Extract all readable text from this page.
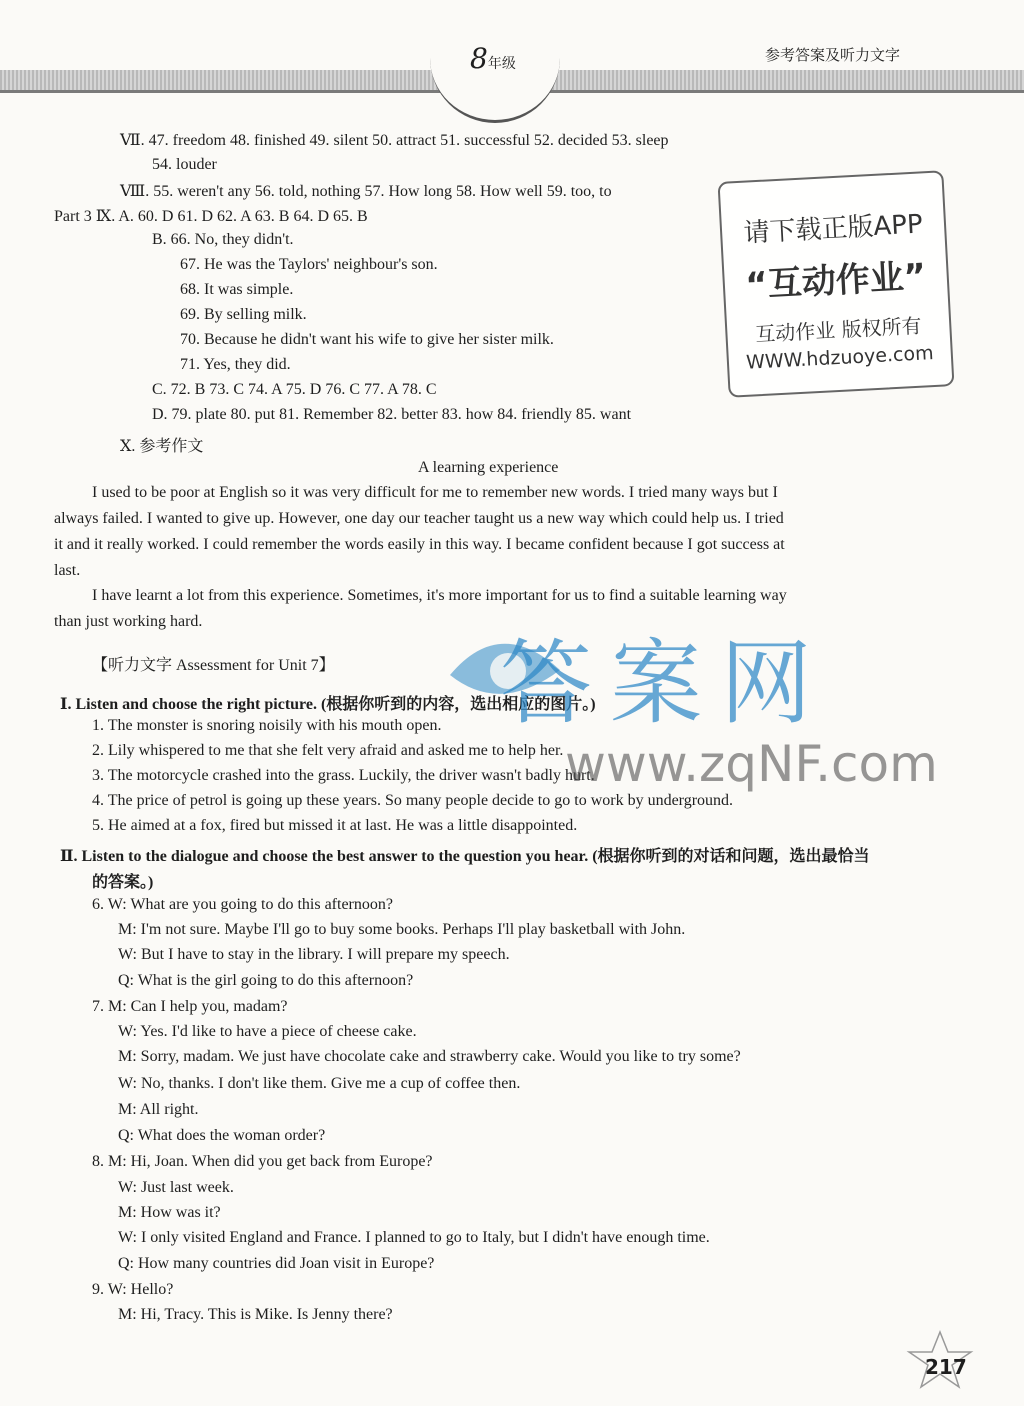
8年级	参考答案及听力文字
Ⅶ. 47. freedom 48. finished 49. silent 50. attract 51. successful 52. decided 53. sleep
54. louder
Ⅷ. 55. weren't any 56. told, nothing 57. How long 58. How well 59. too, to
Part 3 Ⅸ. A. 60. D 61. D 62. A 63. B 64. D 65. B
B. 66. No, they didn't.
67. He was the Taylors' neighbour's son.
68. It was simple.
69. By selling milk.
70. Because he didn't want his wife to give her sister milk.
71. Yes, they did.
C. 72. B 73. C 74. A 75. D 76. C 77. A 78. C
D. 79. plate 80. put 81. Remember 82. better 83. how 84. friendly 85. want
Ⅹ. 参考作文
A learning experience
I used to be poor at English so it was very difficult for me to remember new words. I tried many ways but I
always failed. I wanted to give up. However, one day our teacher taught us a new way which could help us. I tried
it and it really worked. I could remember the words easily in this way. I became confident because I got success at
last.
I have learnt a lot from this experience. Sometimes, it's more important for us to find a suitable learning way
than just working hard.
【听力文字 Assessment for Unit 7】
Ⅰ. Listen and choose the right picture. (根据你听到的内容，选出相应的图片。)
1. The monster is snoring noisily with his mouth open.
2. Lily whispered to me that she felt very afraid and asked me to help her.
3. The motorcycle crashed into the grass. Luckily, the driver wasn't badly hurt.
4. The price of petrol is going up these years. So many people decide to go to work by underground.
5. He aimed at a fox, fired but missed it at last. He was a little disappointed.
Ⅱ. Listen to the dialogue and choose the best answer to the question you hear. (根据你听到的对话和问题，选出最恰当
的答案。)
6. W: What are you going to do this afternoon?
M: I'm not sure. Maybe I'll go to buy some books. Perhaps I'll play basketball with John.
W: But I have to stay in the library. I will prepare my speech.
Q: What is the girl going to do this afternoon?
7. M: Can I help you, madam?
W: Yes. I'd like to have a piece of cheese cake.
M: Sorry, madam. We just have chocolate cake and strawberry cake. Would you like to try some?
W: No, thanks. I don't like them. Give me a cup of coffee then.
M: All right.
Q: What does the woman order?
8. M: Hi, Joan. When did you get back from Europe?
W: Just last week.
M: How was it?
W: I only visited England and France. I planned to go to Italy, but I didn't have enough time.
Q: How many countries did Joan visit in Europe?
9. W: Hello?
M: Hi, Tracy. This is Mike. Is Jenny there?
请下载正版APP
“互动作业”
互动作业 版权所有
WWW.hdzuoye.com
答案网
www.zqNF.com
217
